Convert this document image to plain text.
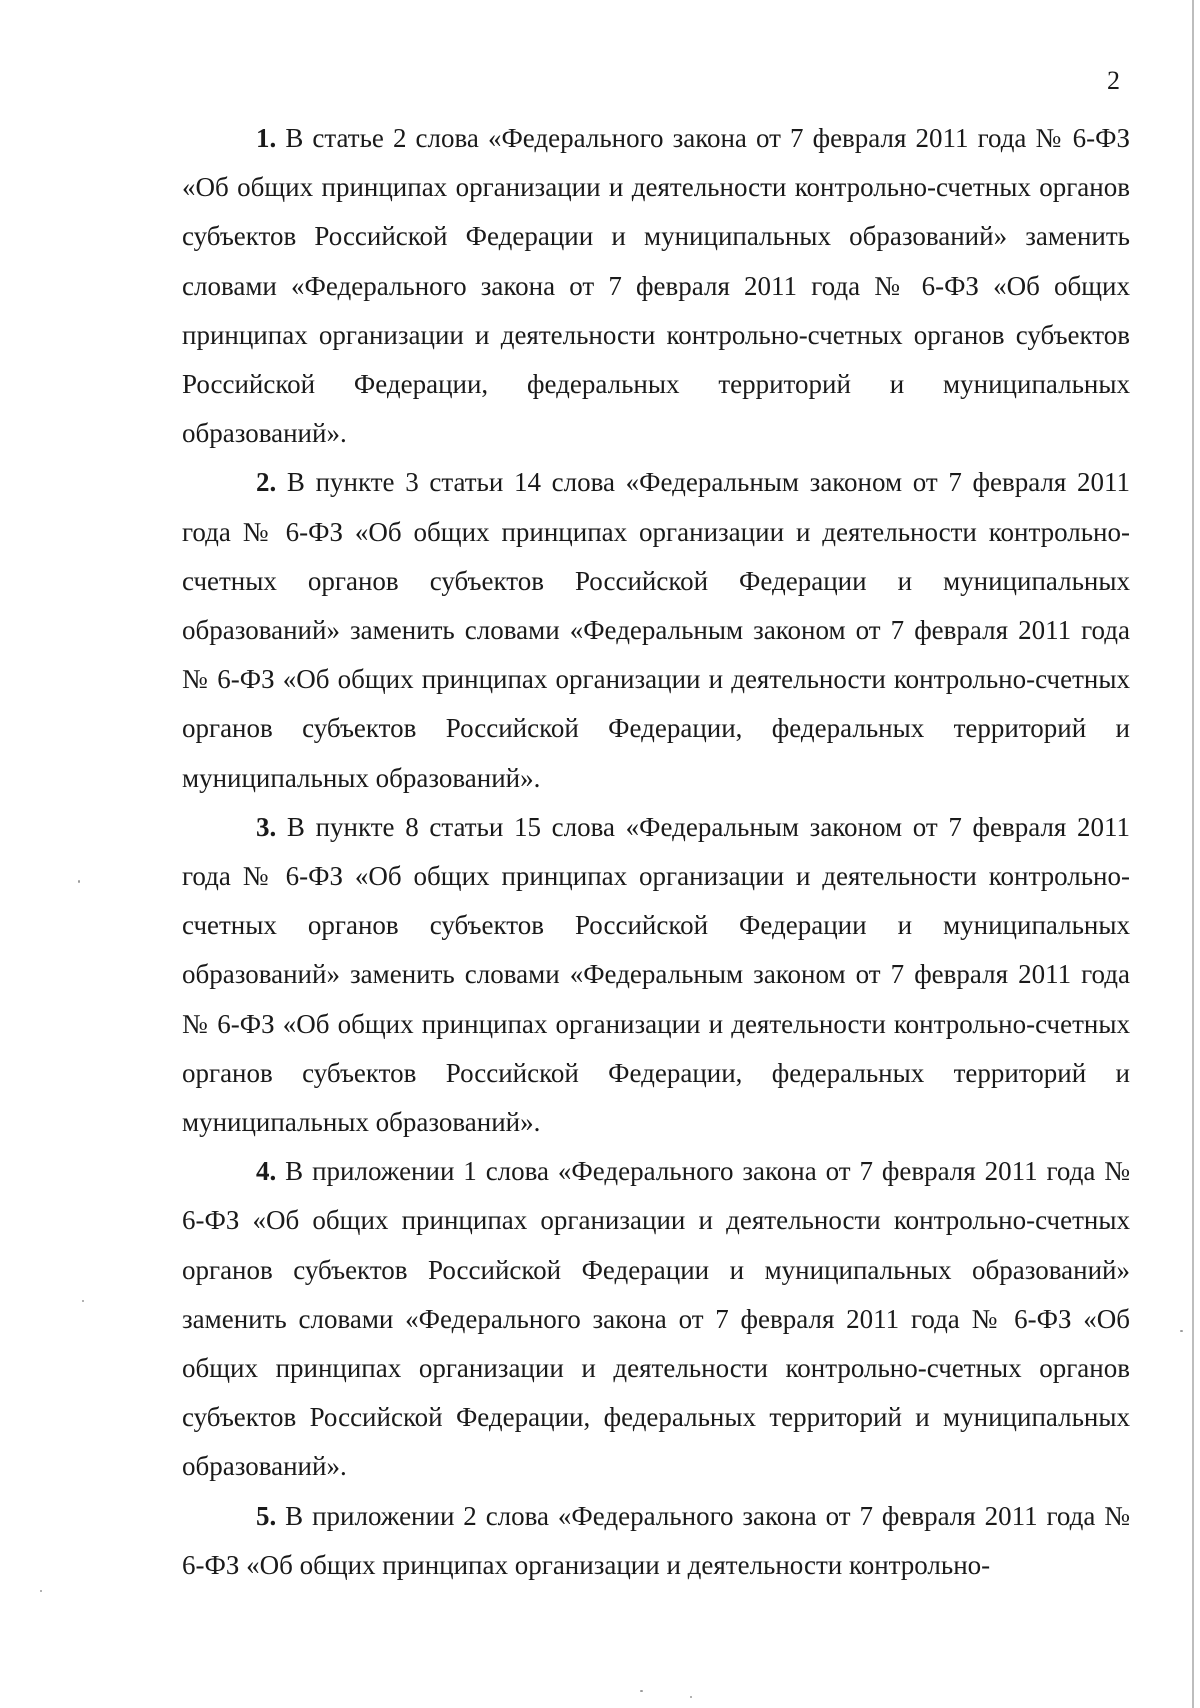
2

1. В статье 2 слова «Федерального закона от 7 февраля 2011 года № 6-ФЗ «Об общих принципах организации и деятельности контрольно-счетных органов субъектов Российской Федерации и муниципальных образований» заменить словами «Федерального закона от 7 февраля 2011 года № 6-ФЗ «Об общих принципах организации и деятельности контрольно-счетных органов субъектов Российской Федерации, федеральных территорий и муниципальных образований».

2. В пункте 3 статьи 14 слова «Федеральным законом от 7 февраля 2011 года № 6-ФЗ «Об общих принципах организации и деятельности контрольно-счетных органов субъектов Российской Федерации и муниципальных образований» заменить словами «Федеральным законом от 7 февраля 2011 года № 6-ФЗ «Об общих принципах организации и деятельности контрольно-счетных органов субъектов Российской Федерации, федеральных территорий и муниципальных образований».

3. В пункте 8 статьи 15 слова «Федеральным законом от 7 февраля 2011 года № 6-ФЗ «Об общих принципах организации и деятельности контрольно-счетных органов субъектов Российской Федерации и муниципальных образований» заменить словами «Федеральным законом от 7 февраля 2011 года № 6-ФЗ «Об общих принципах организации и деятельности контрольно-счетных органов субъектов Российской Федерации, федеральных территорий и муниципальных образований».

4. В приложении 1 слова «Федерального закона от 7 февраля 2011 года № 6-ФЗ «Об общих принципах организации и деятельности контрольно-счетных органов субъектов Российской Федерации и муниципальных образований» заменить словами «Федерального закона от 7 февраля 2011 года № 6-ФЗ «Об общих принципах организации и деятельности контрольно-счетных органов субъектов Российской Федерации, федеральных территорий и муниципальных образований».

5. В приложении 2 слова «Федерального закона от 7 февраля 2011 года № 6-ФЗ «Об общих принципах организации и деятельности контрольно-
